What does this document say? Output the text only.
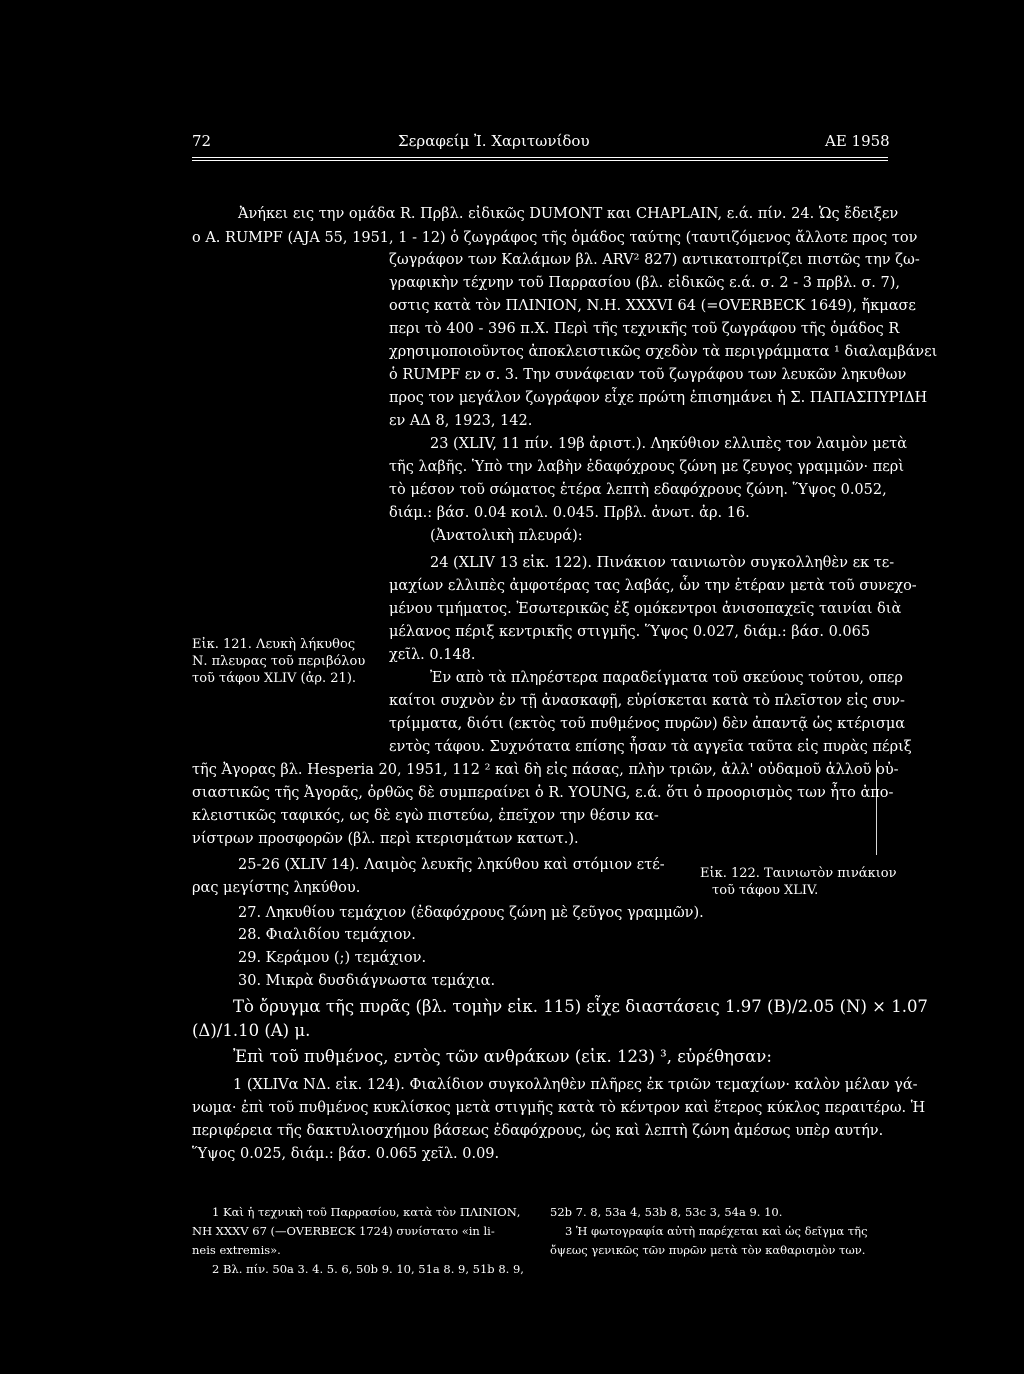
72	Σεραφείμ Ἰ. Χαριτωνίδου	ΑΕ 1958
Εἰκ. 121. Λευκὴ λήκυθος
Ν. πλευρας τοῦ περιβόλου
τοῦ τάφου XLIV (ἀρ. 21).
Εἰκ. 122. Ταινιωτὸν πινάκιον
τοῦ τάφου XLIV.
Ἀνήκει εις την ομάδα R. Πρβλ. εἰδικῶς DUMONT και CHAPLAIN, ε.ά. πίν. 24. Ὡς ἔδειξεν
ο Α. RUMPF (AJA 55, 1951, 1 - 12) ὁ ζωγράφος τῆς ὁμάδος ταύτης (ταυτιζόμενος ἄλλοτε προς τον
ζωγράφον των Καλάμων βλ. ARV² 827) αντικατοπτρίζει πιστῶς την ζω-
γραφικὴν τέχνην τοῦ Παρρασίου (βλ. εἰδικῶς ε.ά. σ. 2 - 3 πρβλ. σ. 7),
οστις κατὰ τὸν ΠΛΙΝΙΟΝ, Ν.Η. XXXVI 64 (=OVERBECK 1649), ἤκμασε
περι τὸ 400 - 396 π.Χ. Περὶ τῆς τεχνικῆς τοῦ ζωγράφου τῆς ὁμάδος R
χρησιμοποιοῦντος ἀποκλειστικῶς σχεδὸν τὰ περιγράμματα ¹ διαλαμβάνει
ὁ RUMPF εν σ. 3. Την συνάφειαν τοῦ ζωγράφου των λευκῶν ληκυθων
προς τον μεγάλον ζωγράφον εἶχε πρώτη ἐπισημάνει ἡ Σ. ΠΑΠΑΣΠΥΡΙΔΗ
εν ΑΔ 8, 1923, 142.
23 (XLIV, 11 πίν. 19β ἀριστ.). Ληκύθιον ελλιπὲς τον λαιμὸν μετὰ
τῆς λαβῆς. Ὑπὸ την λαβὴν ἐδαφόχρους ζώνη με ζευγος γραμμῶν· περὶ
τὸ μέσον τοῦ σώματος ἑτέρα λεπτὴ εδαφόχρους ζώνη. Ὕψος 0.052,
διάμ.: βάσ. 0.04 κοιλ. 0.045. Πρβλ. ἀνωτ. ἀρ. 16.
(Ἀνατολικὴ πλευρά):
24 (XLIV 13 εἰκ. 122). Πινάκιον ταινιωτὸν συγκολληθὲν εκ τε-
μαχίων ελλιπὲς ἀμφοτέρας τας λαβάς, ὧν την ἑτέραν μετὰ τοῦ συνεχο-
μένου τμήματος. Ἐσωτερικῶς ἐξ ομόκεντροι ἀνισοπαχεῖς ταινίαι διὰ
μέλανος πέριξ κεντρικῆς στιγμῆς. Ὕψος 0.027, διάμ.: βάσ. 0.065
χεῖλ. 0.148.
Ἐν απὸ τὰ πληρέστερα παραδείγματα τοῦ σκεύους τούτου, οπερ
καίτοι συχνὸν ἐν τῇ ἀνασκαφῇ, εὑρίσκεται κατὰ τὸ πλεῖστον εἰς συν-
τρίμματα, διότι (εκτὸς τοῦ πυθμένος πυρῶν) δὲν ἀπαντᾷ ὡς κτέρισμα
εντὸς τάφου. Συχνότατα επίσης ἦσαν τὰ αγγεῖα ταῦτα εἰς πυρὰς πέριξ
τῆς Ἀγορας βλ. Hesperia 20, 1951, 112 ² καὶ δὴ εἰς πάσας, πλὴν τριῶν, ἀλλ' οὐδαμοῦ ἀλλοῦ οὐ-
σιαστικῶς τῆς Ἀγορᾶς, ὀρθῶς δὲ συμπεραίνει ὁ R. YOUNG, ε.ά. ὅτι ὁ προορισμὸς των ἦτο ἀπο-
κλειστικῶς ταφικός, ως δὲ εγὼ πιστεύω, ἐπεῖχον την θέσιν κα-
νίστρων προσφορῶν (βλ. περὶ κτερισμάτων κατωτ.).
25-26 (XLIV 14). Λαιμὸς λευκῆς ληκύθου καὶ στόμιον ετέ-
ρας μεγίστης ληκύθου.
27. Ληκυθίου τεμάχιον (ἐδαφόχρους ζώνη μὲ ζεῦγος γραμμῶν).
28. Φιαλιδίου τεμάχιον.
29. Κεράμου (;) τεμάχιον.
30. Μικρὰ δυσδιάγνωστα τεμάχια.
Τὸ ὄρυγμα τῆς πυρᾶς (βλ. τομὴν εἰκ. 115) εἶχε διαστάσεις 1.97 (Β)/2.05 (Ν) × 1.07
(Δ)/1.10 (Α) μ.
Ἐπὶ τοῦ πυθμένος, εντὸς τῶν ανθράκων (εἰκ. 123) ³, εὑρέθησαν:
1 (XLIVα ΝΔ. εἰκ. 124). Φιαλίδιον συγκολληθὲν πλῆρες ἐκ τριῶν τεμαχίων· καλὸν μέλαν γά-
νωμα· ἐπὶ τοῦ πυθμένος κυκλίσκος μετὰ στιγμῆς κατὰ τὸ κέντρον καὶ ἕτερος κύκλος περαιτέρω. Ἡ
περιφέρεια τῆς δακτυλιοσχήμου βάσεως ἐδαφόχρους, ὡς καὶ λεπτὴ ζώνη ἀμέσως υπὲρ αυτήν.
Ὕψος 0.025, διάμ.: βάσ. 0.065 χεῖλ. 0.09.
1 Καὶ ἡ τεχνικὴ τοῦ Παρρασίου, κατὰ τὸν ΠΛΙΝΙΟΝ,
ΝΗ XXXV 67 (—OVERBECK 1724) συνίστατο «in li-
neis extremis».
2 Βλ. πίν. 50a 3. 4. 5. 6, 50b 9. 10, 51a 8. 9, 51b 8. 9,
52b 7. 8, 53a 4, 53b 8, 53c 3, 54a 9. 10.
3 Ἡ φωτογραφία αὐτὴ παρέχεται καὶ ὡς δεῖγμα τῆς
ὄψεως γενικῶς τῶν πυρῶν μετὰ τὸν καθαρισμὸν των.
